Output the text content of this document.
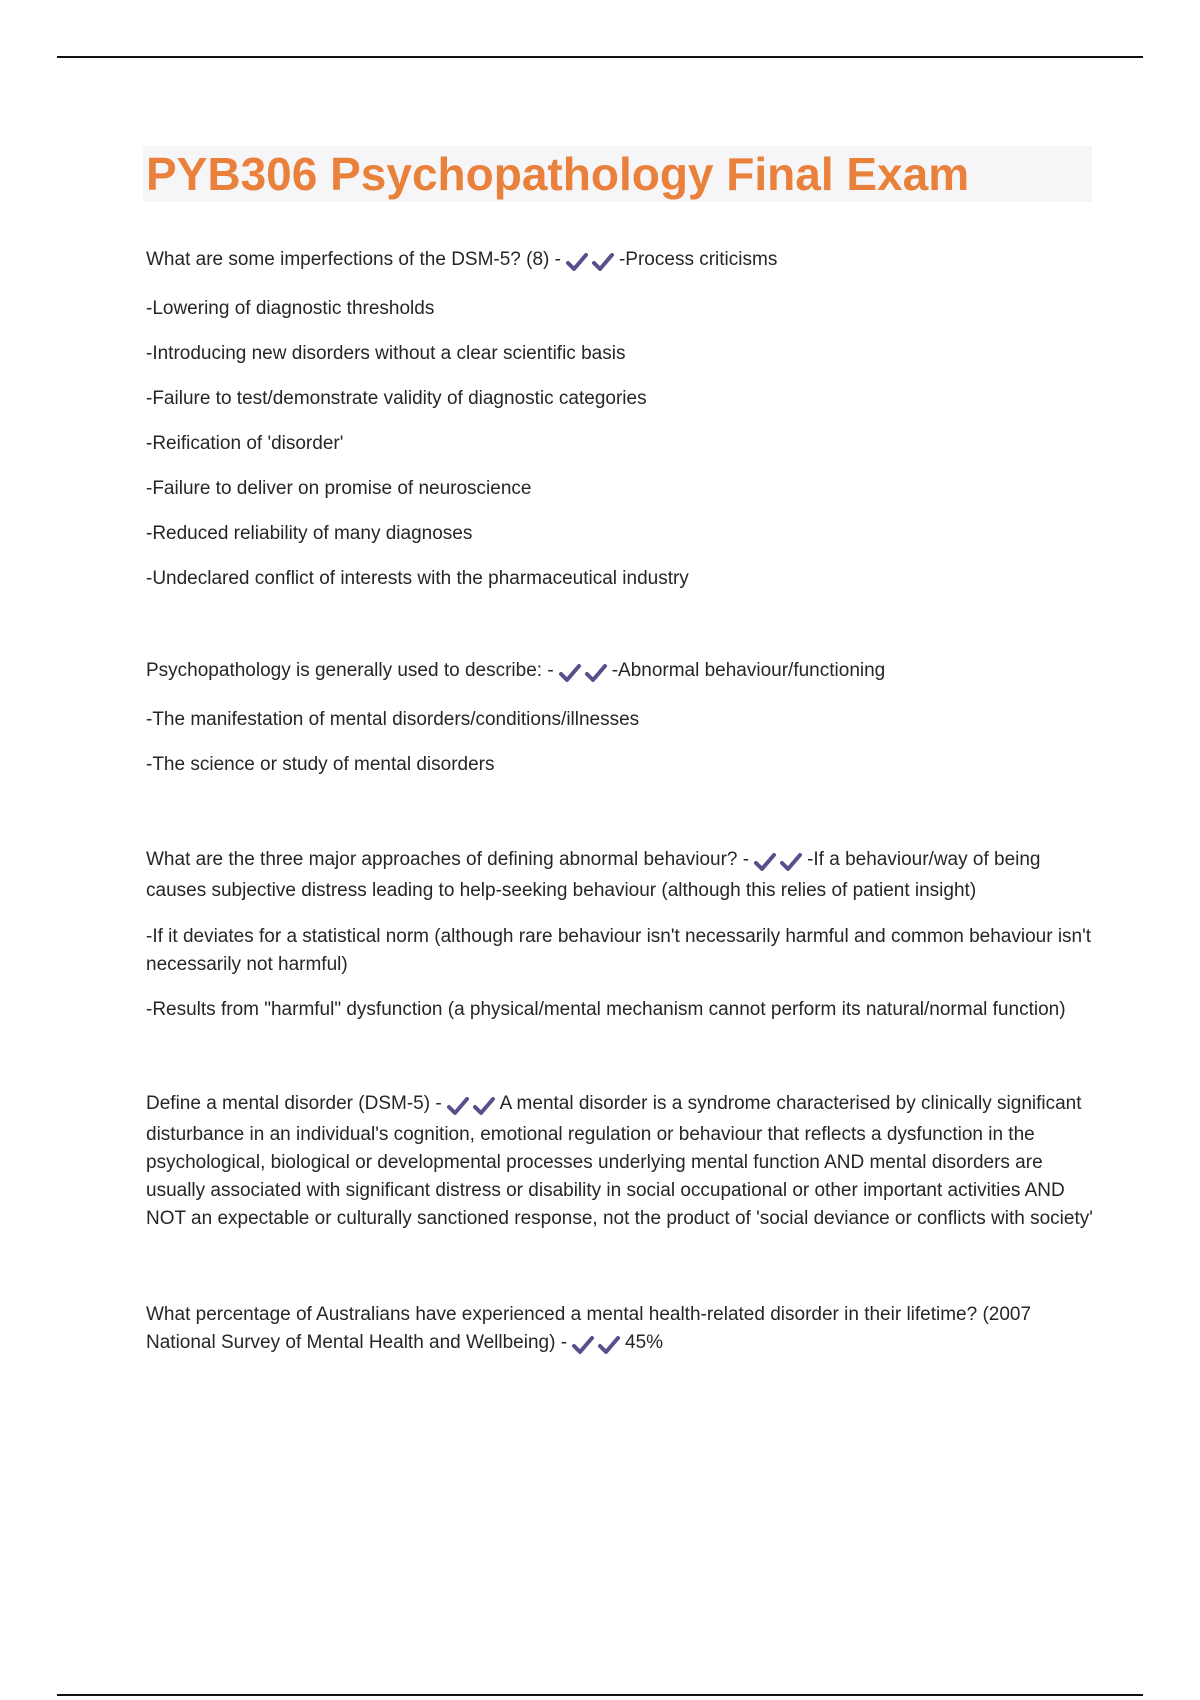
PYB306 Psychopathology Final Exam

What are some imperfections of the DSM-5? (8) -	-Process criticisms

-Lowering of diagnostic thresholds

-Introducing new disorders without a clear scientific basis

-Failure to test/demonstrate validity of diagnostic categories

-Reification of 'disorder'

-Failure to deliver on promise of neuroscience

-Reduced reliability of many diagnoses

-Undeclared conflict of interests with the pharmaceutical industry

Psychopathology is generally used to describe: -	-Abnormal behaviour/functioning

-The manifestation of mental disorders/conditions/illnesses

-The science or study of mental disorders

What are the three major approaches of defining abnormal behaviour? -	-If a behaviour/way of being causes subjective distress leading to help-seeking behaviour (although this relies of patient insight)

-If it deviates for a statistical norm (although rare behaviour isn't necessarily harmful and common behaviour isn't necessarily not harmful)

-Results from "harmful" dysfunction (a physical/mental mechanism cannot perform its natural/normal function)

Define a mental disorder (DSM-5) -	A mental disorder is a syndrome characterised by clinically significant disturbance in an individual's cognition, emotional regulation or behaviour that reflects a dysfunction in the psychological, biological or developmental processes underlying mental function AND mental disorders are usually associated with significant distress or disability in social occupational or other important activities AND NOT an expectable or culturally sanctioned response, not the product of 'social deviance or conflicts with society'

What percentage of Australians have experienced a mental health-related disorder in their lifetime? (2007 National Survey of Mental Health and Wellbeing) -	45%
